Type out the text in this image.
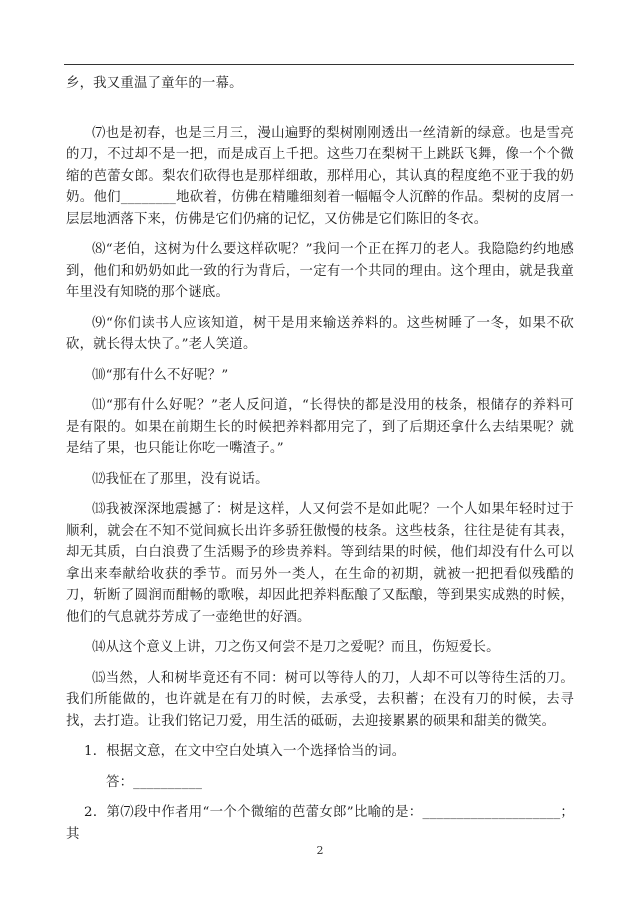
乡，我又重温了童年的一幕。

⑺也是初春，也是三月三，漫山遍野的梨树刚刚透出一丝清新的绿意。也是雪亮的刀，不过却不是一把，而是成百上千把。这些刀在梨树干上跳跃飞舞，像一个个微缩的芭蕾女郎。梨农们砍得也是那样细敢，那样用心，其认真的程度绝不亚于我的奶奶。他们________地砍着，仿佛在精雕细刻着一幅幅令人沉醉的作品。梨树的皮屑一层层地洒落下来，仿佛是它们仍痛的记忆，又仿佛是它们陈旧的冬衣。

⑻“老伯，这树为什么要这样砍呢？”我问一个正在挥刀的老人。我隐隐约约地感到，他们和奶奶如此一致的行为背后，一定有一个共同的理由。这个理由，就是我童年里没有知晓的那个谜底。

⑼“你们读书人应该知道，树干是用来输送养料的。这些树睡了一冬，如果不砍砍，就长得太快了。”老人笑道。

⑽“那有什么不好呢？”

⑾“那有什么好呢？”老人反问道，“长得快的都是没用的枝条，根储存的养料可是有限的。如果在前期生长的时候把养料都用完了，到了后期还拿什么去结果呢？就是结了果，也只能让你吃一嘴渣子。”

⑿我怔在了那里，没有说话。

⒀我被深深地震撼了：树是这样，人又何尝不是如此呢？一个人如果年轻时过于顺利，就会在不知不觉间疯长出许多骄狂傲慢的枝条。这些枝条，往往是徒有其表，却无其质，白白浪费了生活赐予的珍贵养料。等到结果的时候，他们却没有什么可以拿出来奉献给收获的季节。而另外一类人，在生命的初期，就被一把把看似残酷的刀，斩断了圆润而酣畅的歌喉，却因此把养料酝酿了又酝酿，等到果实成熟的时候，他们的气息就芬芳成了一壶绝世的好酒。

⒁从这个意义上讲，刀之伤又何尝不是刀之爱呢？而且，伤短爱长。

⒂当然，人和树毕竟还有不同：树可以等待人的刀，人却不可以等待生活的刀。我们所能做的，也许就是在有刀的时候，去承受，去积蓄；在没有刀的时候，去寻找，去打造。让我们铭记刀爱，用生活的砥砺，去迎接累累的硕果和甜美的微笑。

1．根据文意，在文中空白处填入一个选择恰当的词。

答：__________

2．第⑺段中作者用“一个个微缩的芭蕾女郎”比喻的是：____________________；其

2
